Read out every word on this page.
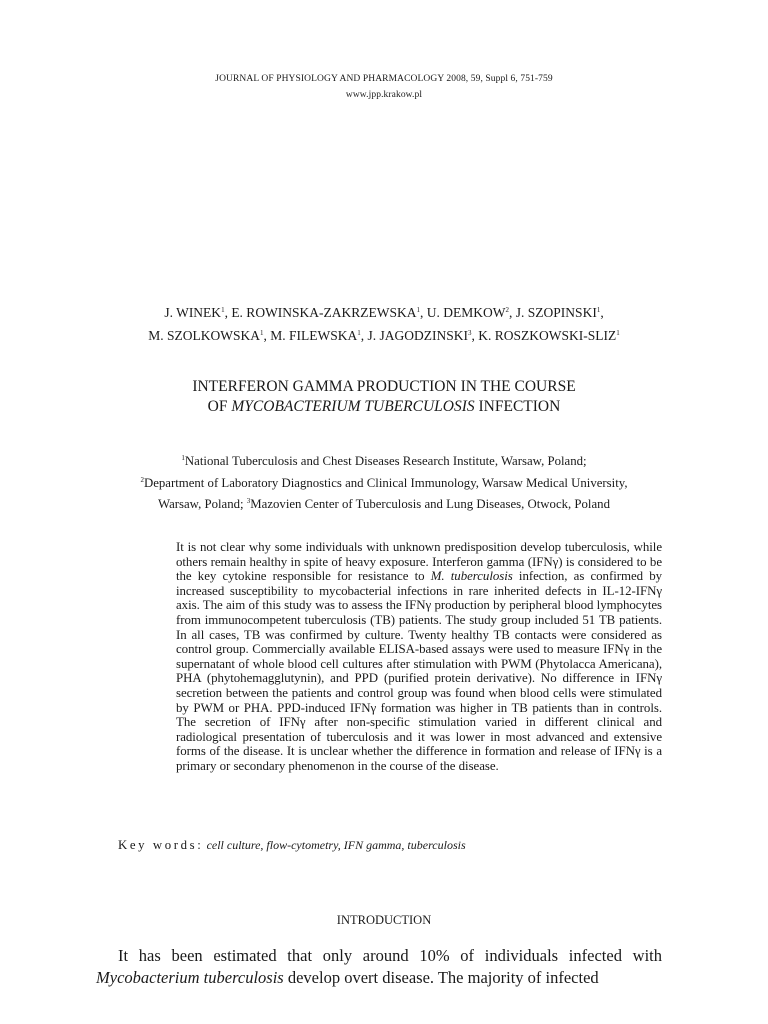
JOURNAL OF PHYSIOLOGY AND PHARMACOLOGY 2008, 59, Suppl 6, 751-759
www.jpp.krakow.pl
J. WINEK$^1$, E. ROWINSKA-ZAKRZEWSKA$^1$, U. DEMKOW$^2$, J. SZOPINSKI$^1$,
M. SZOLKOWSKA$^1$, M. FILEWSKA$^1$, J. JAGODZINSKI$^3$, K. ROSZKOWSKI-SLIZ$^1$
INTERFERON GAMMA PRODUCTION IN THE COURSE
OF MYCOBACTERIUM TUBERCULOSIS INFECTION
$^1$National Tuberculosis and Chest Diseases Research Institute, Warsaw, Poland;
$^2$Department of Laboratory Diagnostics and Clinical Immunology, Warsaw Medical University,
Warsaw, Poland; $^3$Mazovien Center of Tuberculosis and Lung Diseases, Otwock, Poland

It is not clear why some individuals with unknown predisposition develop tuberculosis, while others remain healthy in spite of heavy exposure. Interferon gamma (IFNγ) is considered to be the key cytokine responsible for resistance to M. tuberculosis infection, as confirmed by increased susceptibility to mycobacterial infections in rare inherited defects in IL-12-IFNγ axis. The aim of this study was to assess the IFNγ production by peripheral blood lymphocytes from immunocompetent tuberculosis (TB) patients. The study group included 51 TB patients. In all cases, TB was confirmed by culture. Twenty healthy TB contacts were considered as control group. Commercially available ELISA-based assays were used to measure IFNγ in the supernatant of whole blood cell cultures after stimulation with PWM (Phytolacca Americana), PHA (phytohemagglutynin), and PPD (purified protein derivative). No difference in IFNγ secretion between the patients and control group was found when blood cells were stimulated by PWM or PHA. PPD-induced IFNγ formation was higher in TB patients than in controls. The secretion of IFNγ after non-specific stimulation varied in different clinical and radiological presentation of tuberculosis and it was lower in most advanced and extensive forms of the disease. It is unclear whether the difference in formation and release of IFNγ is a primary or secondary phenomenon in the course of the disease.

Key words: cell culture, flow-cytometry, IFN gamma, tuberculosis
INTRODUCTION

It has been estimated that only around 10% of individuals infected with Mycobacterium tuberculosis develop overt disease. The majority of infected
